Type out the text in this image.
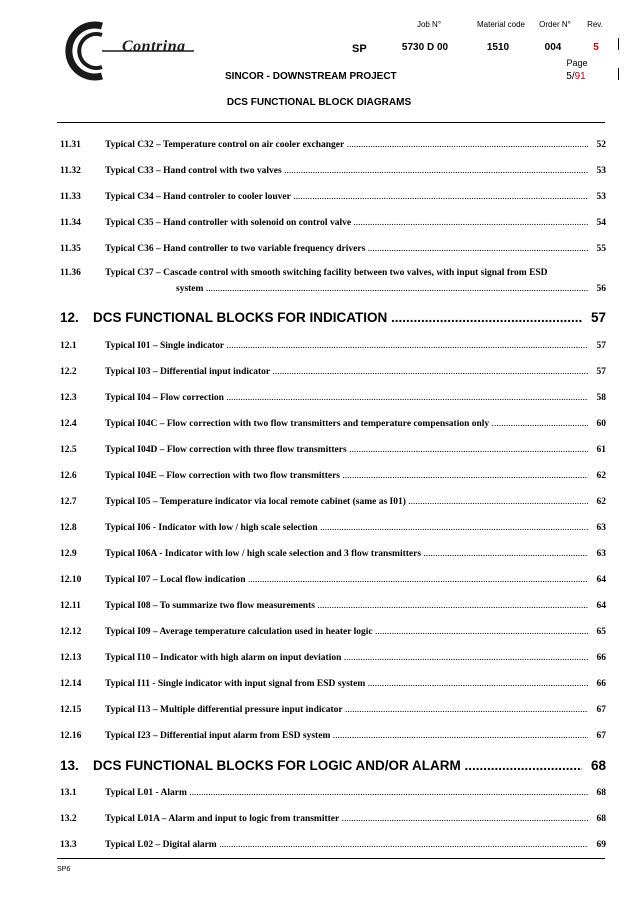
Contrina
Job N°	Material code	Order N°	Rev.
SP	5730 D 00	1510	004	5
Page
5/91
SINCOR - DOWNSTREAM PROJECT
DCS FUNCTIONAL BLOCK DIAGRAMS
11.31	Typical C32 – Temperature control on air cooler exchanger .....	52
11.32	Typical C33 – Hand control with two valves .....	53
11.33	Typical C34 – Hand controler to cooler louver .....	53
11.34	Typical C35 – Hand controller with solenoid on control valve .....	54
11.35	Typical C36 – Hand controller to two variable frequency drivers .....	55
11.36	Typical C37 – Cascade control with smooth switching facility between two valves, with input signal from ESD
system .....	56
12. DCS FUNCTIONAL BLOCKS FOR INDICATION .....	57
12.1	Typical I01 – Single indicator .....	57
12.2	Typical I03 – Differential input indicator .....	57
12.3	Typical I04 – Flow correction .....	58
12.4	Typical I04C – Flow correction with two flow transmitters and temperature compensation only .....	60
12.5	Typical I04D – Flow correction with three flow transmitters .....	61
12.6	Typical I04E – Flow correction with two flow transmitters .....	62
12.7	Typical I05 – Temperature indicator via local remote cabinet (same as I01) .....	62
12.8	Typical I06 - Indicator with low / high scale selection .....	63
12.9	Typical I06A - Indicator with low / high scale selection and 3 flow transmitters .....	63
12.10 Typical I07 – Local flow indication .....	64
12.11	Typical I08 – To summarize two flow measurements .....	64
12.12 Typical I09 – Average temperature calculation used in heater logic .....	65
12.13 Typical I10 – Indicator with high alarm on input deviation .....	66
12.14 Typical I11 - Single indicator with input signal from ESD system .....	66
12.15 Typical I13 – Multiple differential pressure input indicator .....	67
12.16 Typical I23 – Differential input alarm from ESD system .....	67
13. DCS FUNCTIONAL BLOCKS FOR LOGIC AND/OR ALARM .....	68
13.1	Typical L01 - Alarm .....	68
13.2	Typical L01A – Alarm and input to logic from transmitter .....	68
13.3	Typical L02 – Digital alarm .....	69
SP6
